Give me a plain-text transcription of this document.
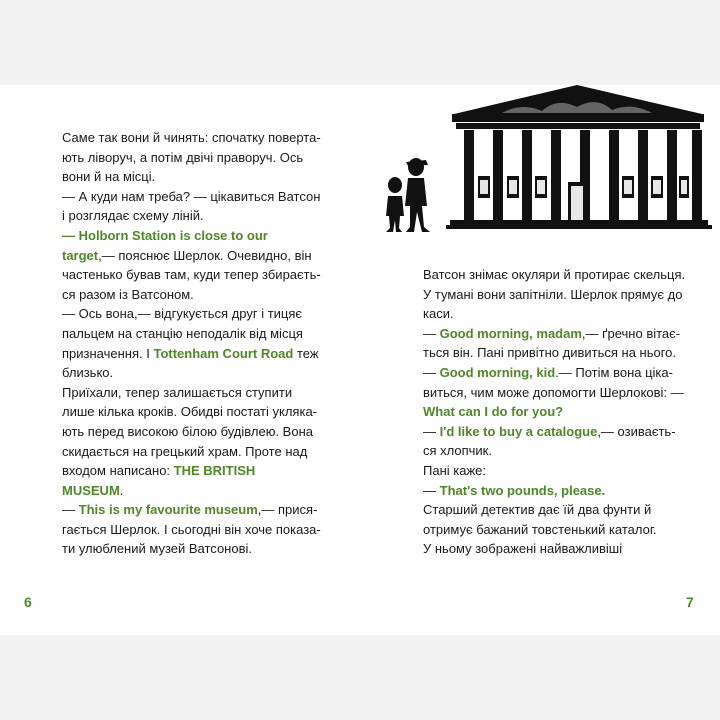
Саме так вони й чинять: спочатку поверта-

ють ліворуч, а потім двічі праворуч. Ось

вони й на місці.

— А куди нам треба? — цікавиться Ватсон

і розглядає схему ліній.

— Holborn Station is close to our

target,— пояснює Шерлок. Очевидно, він

частенько бував там, куди тепер збираєть-

ся разом із Ватсоном.

— Ось вона,— відгукується друг і тицяє

пальцем на станцію неподалік від місця

призначення. І Tottenham Court Road теж

близько.

Приїхали, тепер залишається ступити

лише кілька кроків. Обидві постаті укляка-

ють перед високою білою будівлею. Вона

скидається на грецький храм. Проте над

входом написано: THE BRITISH

MUSEUM.

— This is my favourite museum,— прися-

гається Шерлок. І сьогодні він хоче показа-

ти улюблений музей Ватсонові.

Ватсон знімає окуляри й протирає скельця.

У тумані вони запітніли. Шерлок прямує до

каси.

— Good morning, madam,— ґречно вітає-

ться він. Пані привітно дивиться на нього.

— Good morning, kid.— Потім вона ціка-

виться, чим може допомогти Шерлокові: —

What can I do for you?

— I'd like to buy a catalogue,— озиваєть-

ся хлопчик.

Пані каже:

— That's two pounds, please.

Старший детектив дає їй два фунти й

отримує бажаний товстенький каталог.

У ньому зображені найважливіші

6	7
